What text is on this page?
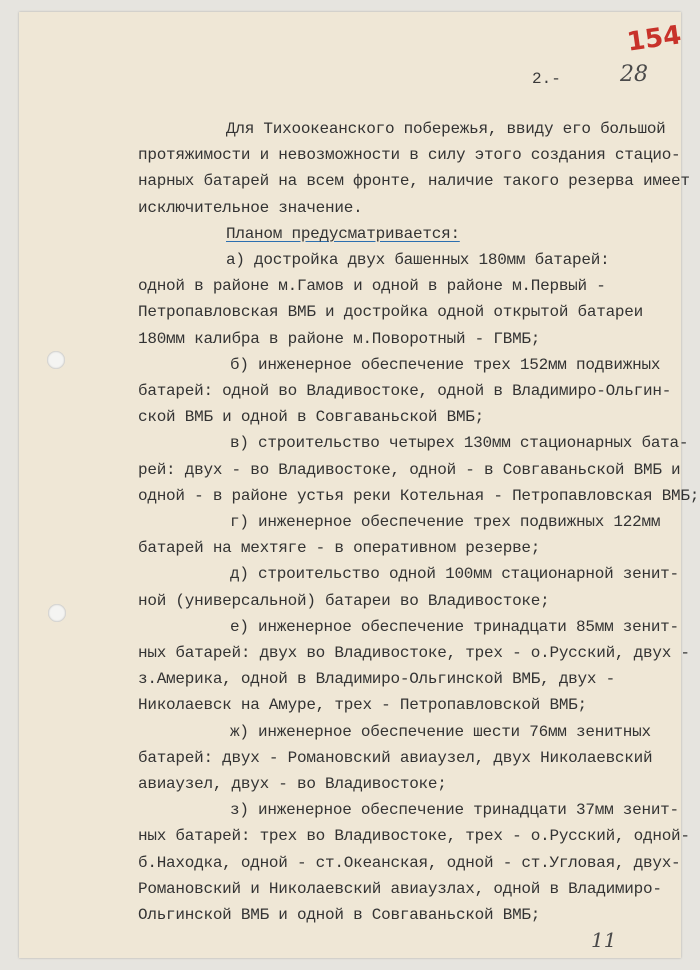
154
28
2.-
Для Тихоокеанского побережья, ввиду его большой
протяжимости и невозможности в силу этого создания стацио-
нарных батарей на всем фронте, наличие такого резерва имеет
исключительное значение.
Планом предусматривается:
а) достройка двух башенных 180мм батарей:
одной в районе м.Гамов и одной в районе м.Первый -
Петропавловская ВМБ и достройка одной открытой батареи
180мм калибра в районе м.Поворотный - ГВМБ;
б) инженерное обеспечение трех 152мм подвижных
батарей: одной во Владивостоке, одной в Владимиро-Ольгин-
ской ВМБ и одной в Совгаваньской ВМБ;
в) строительство четырех 130мм стационарных бата-
рей: двух - во Владивостоке, одной - в Совгаваньской ВМБ и
одной - в районе устья реки Котельная - Петропавловская ВМБ;
г) инженерное обеспечение трех подвижных 122мм
батарей на мехтяге - в оперативном резерве;
д) строительство одной 100мм стационарной зенит-
ной (универсальной) батареи во Владивостоке;
е) инженерное обеспечение тринадцати 85мм зенит-
ных батарей: двух во Владивостоке, трех - о.Русский, двух -
з.Америка, одной в Владимиро-Ольгинской ВМБ, двух -
Николаевск на Амуре, трех - Петропавловской ВМБ;
ж) инженерное обеспечение шести 76мм зенитных
батарей: двух - Романовский авиаузел, двух Николаевский
авиаузел, двух - во Владивостоке;
з) инженерное обеспечение тринадцати 37мм зенит-
ных батарей: трех во Владивостоке, трех - о.Русский, одной-
б.Находка, одной - ст.Океанская, одной - ст.Угловая, двух-
Романовский и Николаевский авиаузлах, одной в Владимиро-
Ольгинской ВМБ и одной в Совгаваньской ВМБ;
11
